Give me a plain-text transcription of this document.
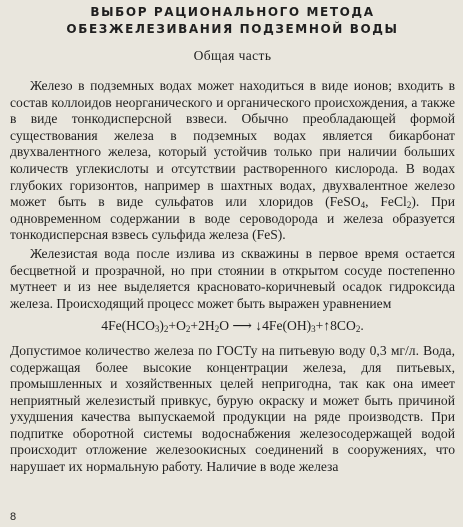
ВЫБОР РАЦИОНАЛЬНОГО МЕТОДА
ОБЕЗЖЕЛЕЗИВАНИЯ ПОДЗЕМНОЙ ВОДЫ
Общая часть

Железо в подземных водах может находиться в виде ионов; входить в состав коллоидов неорганического и органического происхождения, а также в виде тонкодисперсной взвеси. Обычно преобладающей формой существования железа в подземных водах является бикарбонат двухвалентного железа, который устойчив только при наличии больших количеств углекислоты и отсутствии растворенного кислорода. В водах глубоких горизонтов, например в шахтных водах, двухвалентное железо может быть в виде сульфатов или хлоридов (FeSO$_4$, FeCl$_2$). При одновременном содержании в воде сероводорода и железа образуется тонкодисперсная взвесь сульфида железа (FeS).

Железистая вода после излива из скважины в первое время остается бесцветной и прозрачной, но при стоянии в открытом сосуде постепенно мутнеет и из нее выделяется красновато-коричневый осадок гидроксида железа. Происходящий процесс может быть выражен уравнением

$4Fe(HCO_3)_2+O_2+2H_2O$ ⟶ $↓4Fe(OH)_3+↑8CO_2$.

Допустимое количество железа по ГОСТу на питьевую воду 0,3 мг/л. Вода, содержащая более высокие концентрации железа, для питьевых, промышленных и хозяйственных целей непригодна, так как она имеет неприятный железистый привкус, бурую окраску и может быть причиной ухудшения качества выпускаемой продукции на ряде производств. При подпитке оборотной системы водоснабжения железосодержащей водой происходит отложение железоокисных соединений в сооружениях, что нарушает их нормальную работу. Наличие в воде железа

8
